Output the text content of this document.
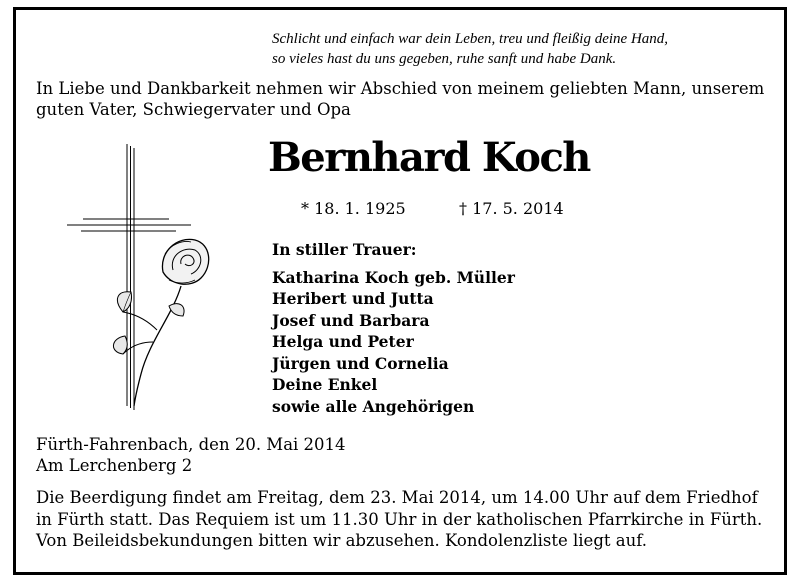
Schlicht und einfach war dein Leben, treu und fleißig deine Hand,
so vieles hast du uns gegeben, ruhe sanft und habe Dank.
In Liebe und Dankbarkeit nehmen wir Abschied von meinem geliebten Mann, unserem guten Vater, Schwiegervater und Opa
Bernhard Koch
* 18. 1. 1925	† 17. 5. 2014
In stiller Trauer:
Katharina Koch geb. Müller
Heribert und Jutta
Josef und Barbara
Helga und Peter
Jürgen und Cornelia
Deine Enkel
sowie alle Angehörigen
Fürth-Fahrenbach, den 20. Mai 2014
Am Lerchenberg 2
Die Beerdigung findet am Freitag, dem 23. Mai 2014, um 14.00 Uhr auf dem Friedhof
in Fürth statt. Das Requiem ist um 11.30 Uhr in der katholischen Pfarrkirche in Fürth.
Von Beileidsbekundungen bitten wir abzusehen. Kondolenzliste liegt auf.
